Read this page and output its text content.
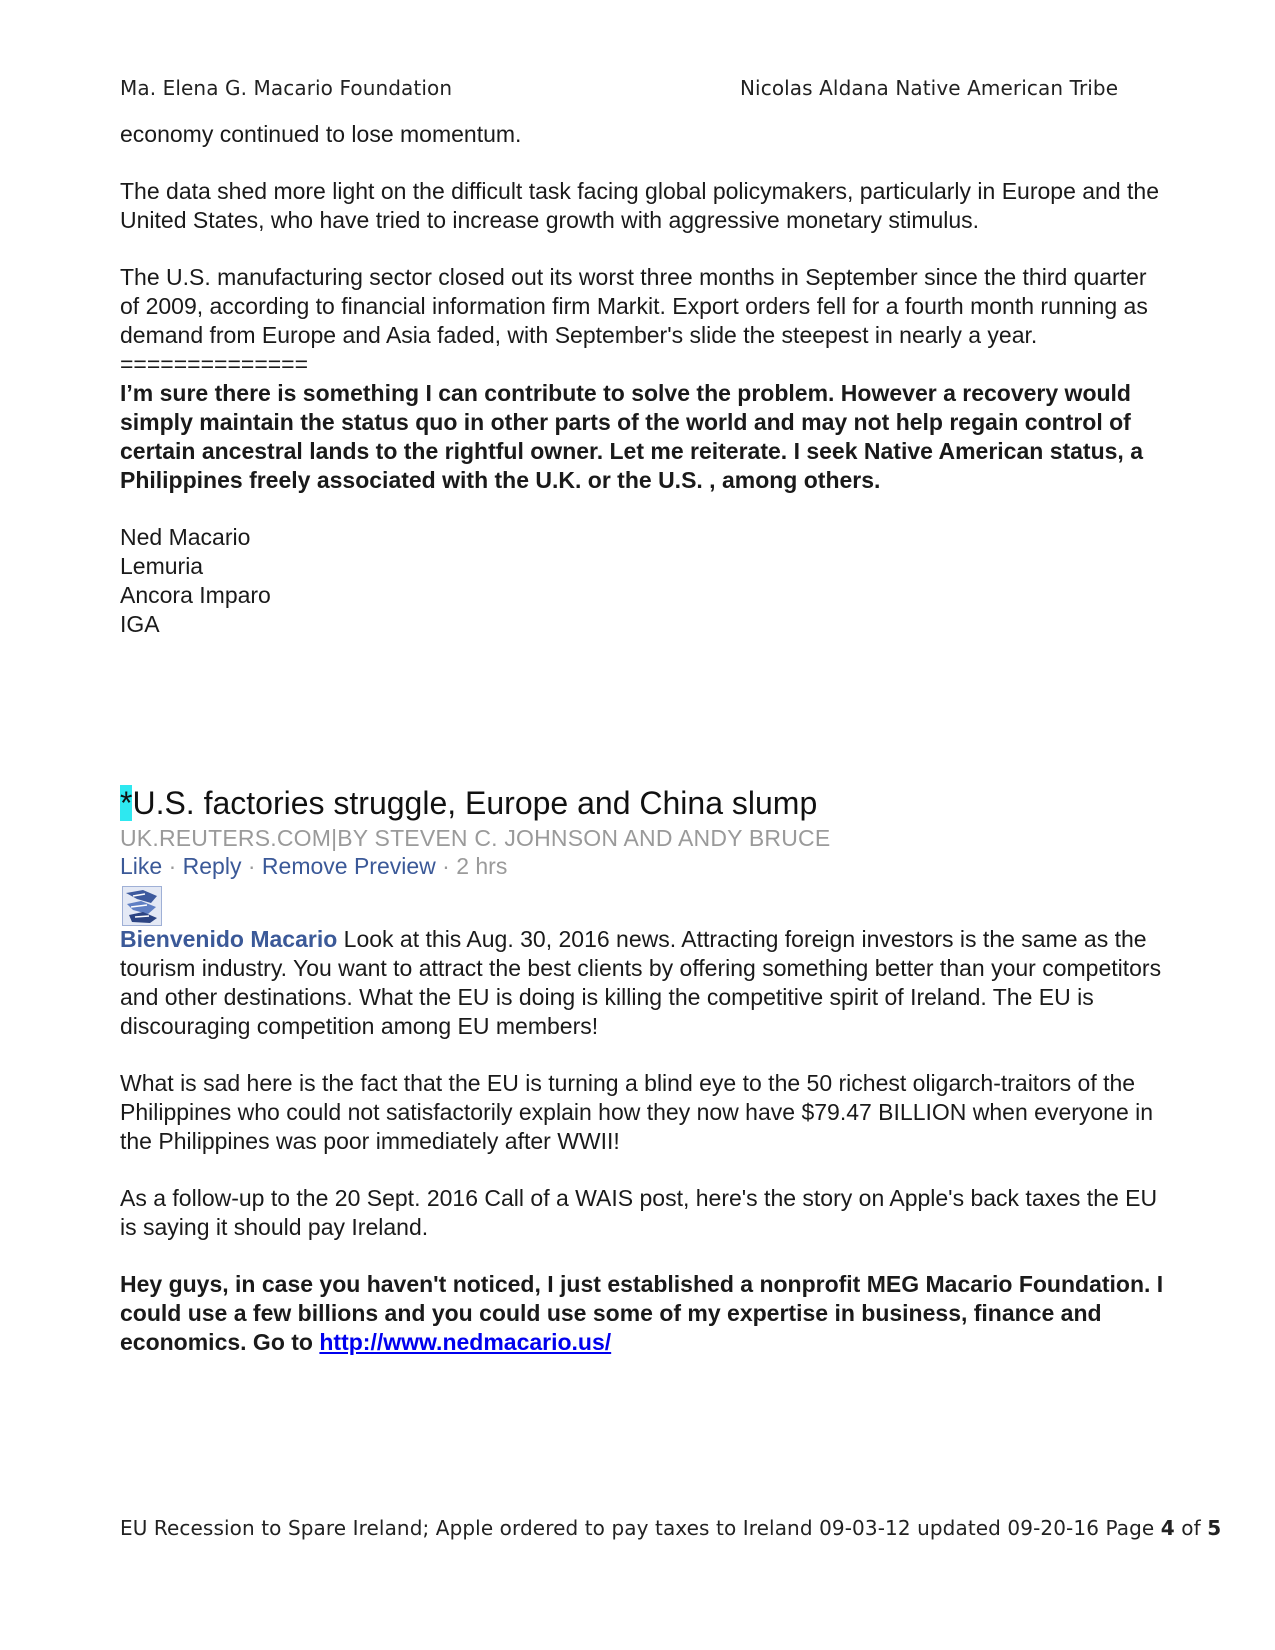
Ma. Elena G. Macario Foundation	Nicolas Aldana Native American Tribe

economy continued to lose momentum.

The data shed more light on the difficult task facing global policymakers, particularly in Europe and the United States, who have tried to increase growth with aggressive monetary stimulus.

The U.S. manufacturing sector closed out its worst three months in September since the third quarter of 2009, according to financial information firm Markit. Export orders fell for a fourth month running as demand from Europe and Asia faded, with September's slide the steepest in nearly a year.

==============

I’m sure there is something I can contribute to solve the problem. However a recovery would simply maintain the status quo in other parts of the world and may not help regain control of certain ancestral lands to the rightful owner. Let me reiterate. I seek Native American status, a Philippines freely associated with the U.K. or the U.S. , among others.

Ned Macario

Lemuria

Ancora Imparo

IGA

*U.S. factories struggle, Europe and China slump
UK.REUTERS.COM|BY STEVEN C. JOHNSON AND ANDY BRUCE
Like · Reply · Remove Preview · 2 hrs

Bienvenido Macario Look at this Aug. 30, 2016 news. Attracting foreign investors is the same as the tourism industry. You want to attract the best clients by offering something better than your competitors and other destinations. What the EU is doing is killing the competitive spirit of Ireland. The EU is discouraging competition among EU members!

What is sad here is the fact that the EU is turning a blind eye to the 50 richest oligarch-traitors of the Philippines who could not satisfactorily explain how they now have $79.47 BILLION when everyone in the Philippines was poor immediately after WWII!

As a follow-up to the 20 Sept. 2016 Call of a WAIS post, here's the story on Apple's back taxes the EU is saying it should pay Ireland.

Hey guys, in case you haven't noticed, I just established a nonprofit MEG Macario Foundation. I could use a few billions and you could use some of my expertise in business, finance and economics. Go to http://www.nedmacario.us/

EU Recession to Spare Ireland; Apple ordered to pay taxes to Ireland 09-03-12 updated 09-20-16 Page 4 of 5
